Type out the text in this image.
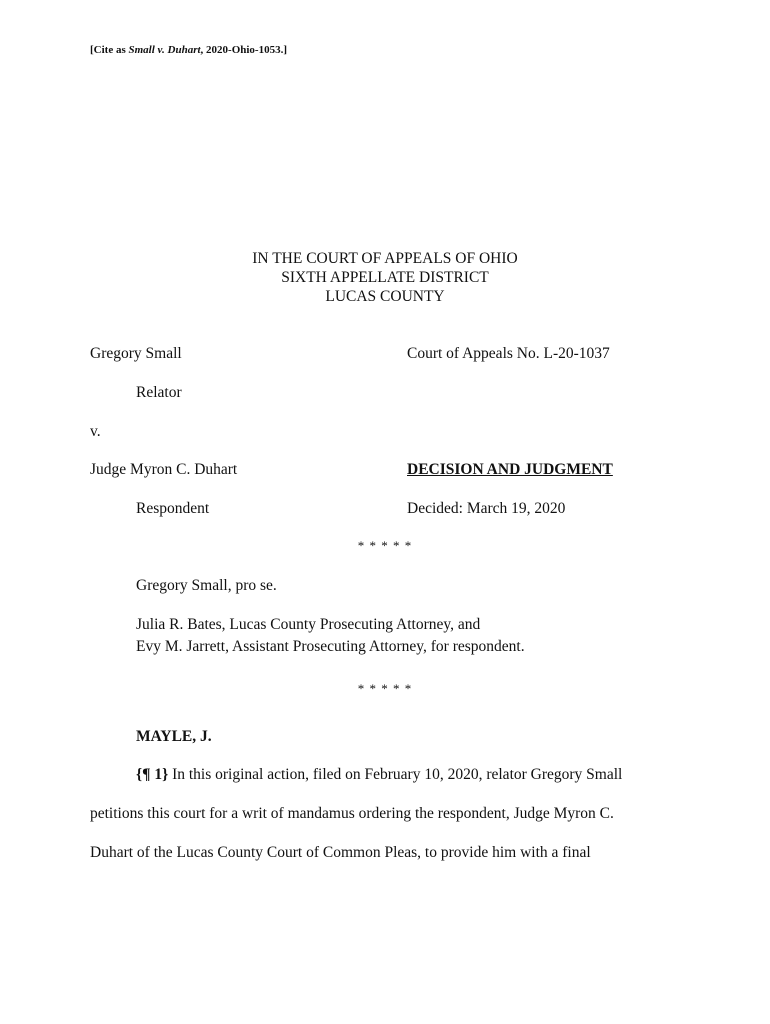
[Cite as Small v. Duhart, 2020-Ohio-1053.]
IN THE COURT OF APPEALS OF OHIO
SIXTH APPELLATE DISTRICT
LUCAS COUNTY
Gregory Small
Relator
v.
Judge Myron C. Duhart
Respondent
Court of Appeals No. L-20-1037
DECISION AND JUDGMENT
Decided: March 19, 2020
* * * * *
Gregory Small, pro se.
Julia R. Bates, Lucas County Prosecuting Attorney, and
Evy M. Jarrett, Assistant Prosecuting Attorney, for respondent.
* * * * *
MAYLE, J.
{¶ 1} In this original action, filed on February 10, 2020, relator Gregory Small
petitions this court for a writ of mandamus ordering the respondent, Judge Myron C.
Duhart of the Lucas County Court of Common Pleas, to provide him with a final
